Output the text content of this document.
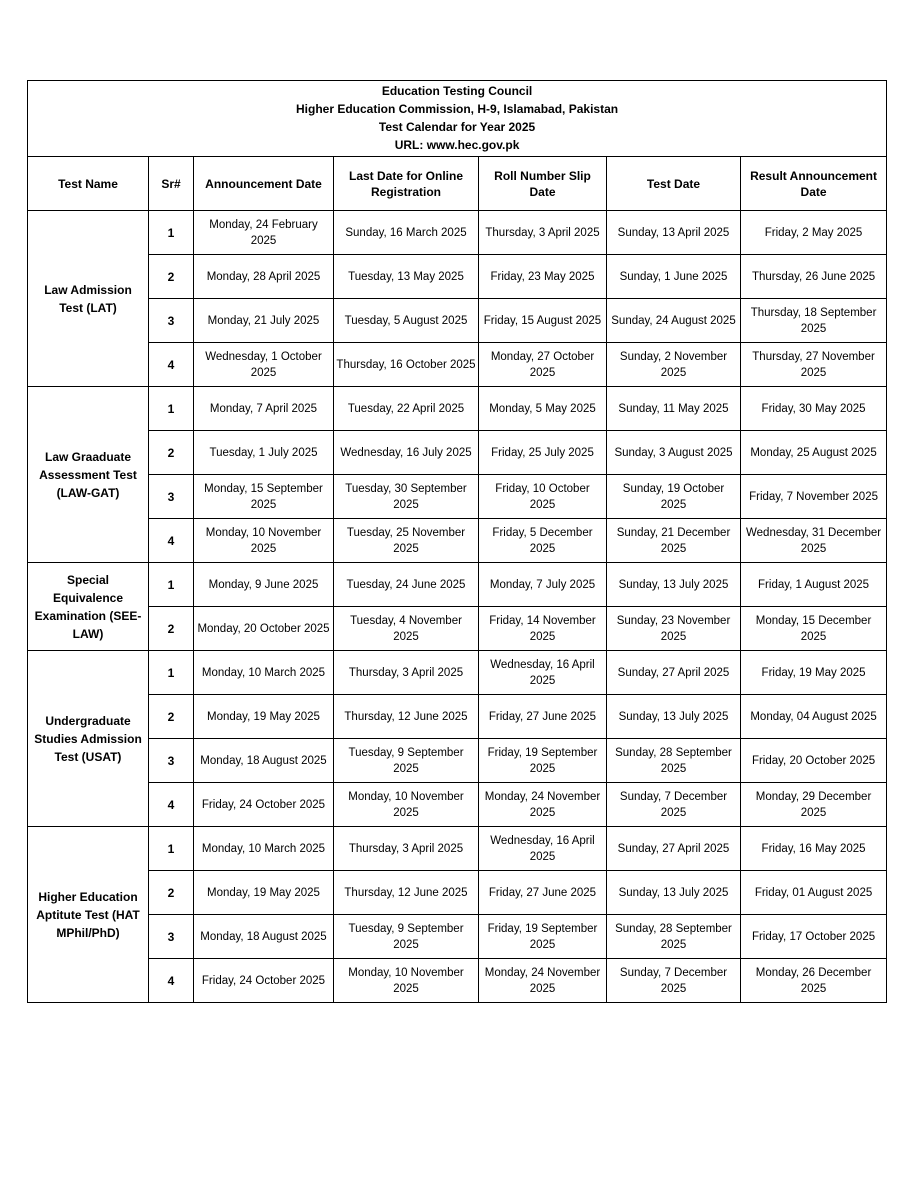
Education Testing Council
Higher Education Commission, H-9, Islamabad, Pakistan
Test Calendar for Year 2025
URL: www.hec.gov.pk						

Test Name	Sr#	Announcement Date	Last Date for Online Registration	Roll Number Slip Date	Test Date	Result Announcement Date
Law Admission Test (LAT)	1	Monday, 24 February 2025	Sunday, 16 March 2025	Thursday, 3 April 2025	Sunday, 13 April 2025	Friday, 2 May 2025
	2	Monday, 28 April 2025	Tuesday, 13 May 2025	Friday, 23 May 2025	Sunday, 1 June 2025	Thursday, 26 June 2025
	3	Monday, 21 July 2025	Tuesday, 5 August 2025	Friday, 15 August 2025	Sunday, 24 August 2025	Thursday, 18 September 2025
	4	Wednesday, 1 October 2025	Thursday, 16 October 2025	Monday, 27 October 2025	Sunday, 2 November 2025	Thursday, 27 November 2025
Law Graaduate Assessment Test (LAW-GAT)	1	Monday, 7 April 2025	Tuesday, 22 April 2025	Monday, 5 May 2025	Sunday, 11 May 2025	Friday, 30 May 2025
	2	Tuesday, 1 July 2025	Wednesday, 16 July 2025	Friday, 25 July 2025	Sunday, 3 August 2025	Monday, 25 August 2025
	3	Monday, 15 September 2025	Tuesday, 30 September 2025	Friday, 10 October 2025	Sunday, 19 October 2025	Friday, 7 November 2025
	4	Monday, 10 November 2025	Tuesday, 25 November 2025	Friday, 5 December 2025	Sunday, 21 December 2025	Wednesday, 31 December 2025
Special Equivalence Examination (SEE-LAW)	1	Monday, 9 June 2025	Tuesday, 24 June 2025	Monday, 7 July 2025	Sunday, 13 July 2025	Friday, 1 August 2025
	2	Monday, 20 October 2025	Tuesday, 4 November 2025	Friday, 14 November 2025	Sunday, 23 November 2025	Monday, 15 December 2025
Undergraduate Studies Admission Test (USAT)	1	Monday, 10 March 2025	Thursday, 3 April 2025	Wednesday, 16 April 2025	Sunday, 27 April 2025	Friday, 19 May 2025
	2	Monday, 19 May 2025	Thursday, 12 June 2025	Friday, 27 June 2025	Sunday, 13 July 2025	Monday, 04 August 2025
	3	Monday, 18 August 2025	Tuesday, 9 September 2025	Friday, 19 September 2025	Sunday, 28 September 2025	Friday, 20 October 2025
	4	Friday, 24 October 2025	Monday, 10 November 2025	Monday, 24 November 2025	Sunday, 7 December 2025	Monday, 29 December 2025
Higher Education Aptitute Test (HAT MPhil/PhD)	1	Monday, 10 March 2025	Thursday, 3 April 2025	Wednesday, 16 April 2025	Sunday, 27 April 2025	Friday, 16 May 2025
	2	Monday, 19 May 2025	Thursday, 12 June 2025	Friday, 27 June 2025	Sunday, 13 July 2025	Friday, 01 August 2025
	3	Monday, 18 August 2025	Tuesday, 9 September 2025	Friday, 19 September 2025	Sunday, 28 September 2025	Friday, 17 October 2025
	4	Friday, 24 October 2025	Monday, 10 November 2025	Monday, 24 November 2025	Sunday, 7 December 2025	Monday, 26 December 2025
